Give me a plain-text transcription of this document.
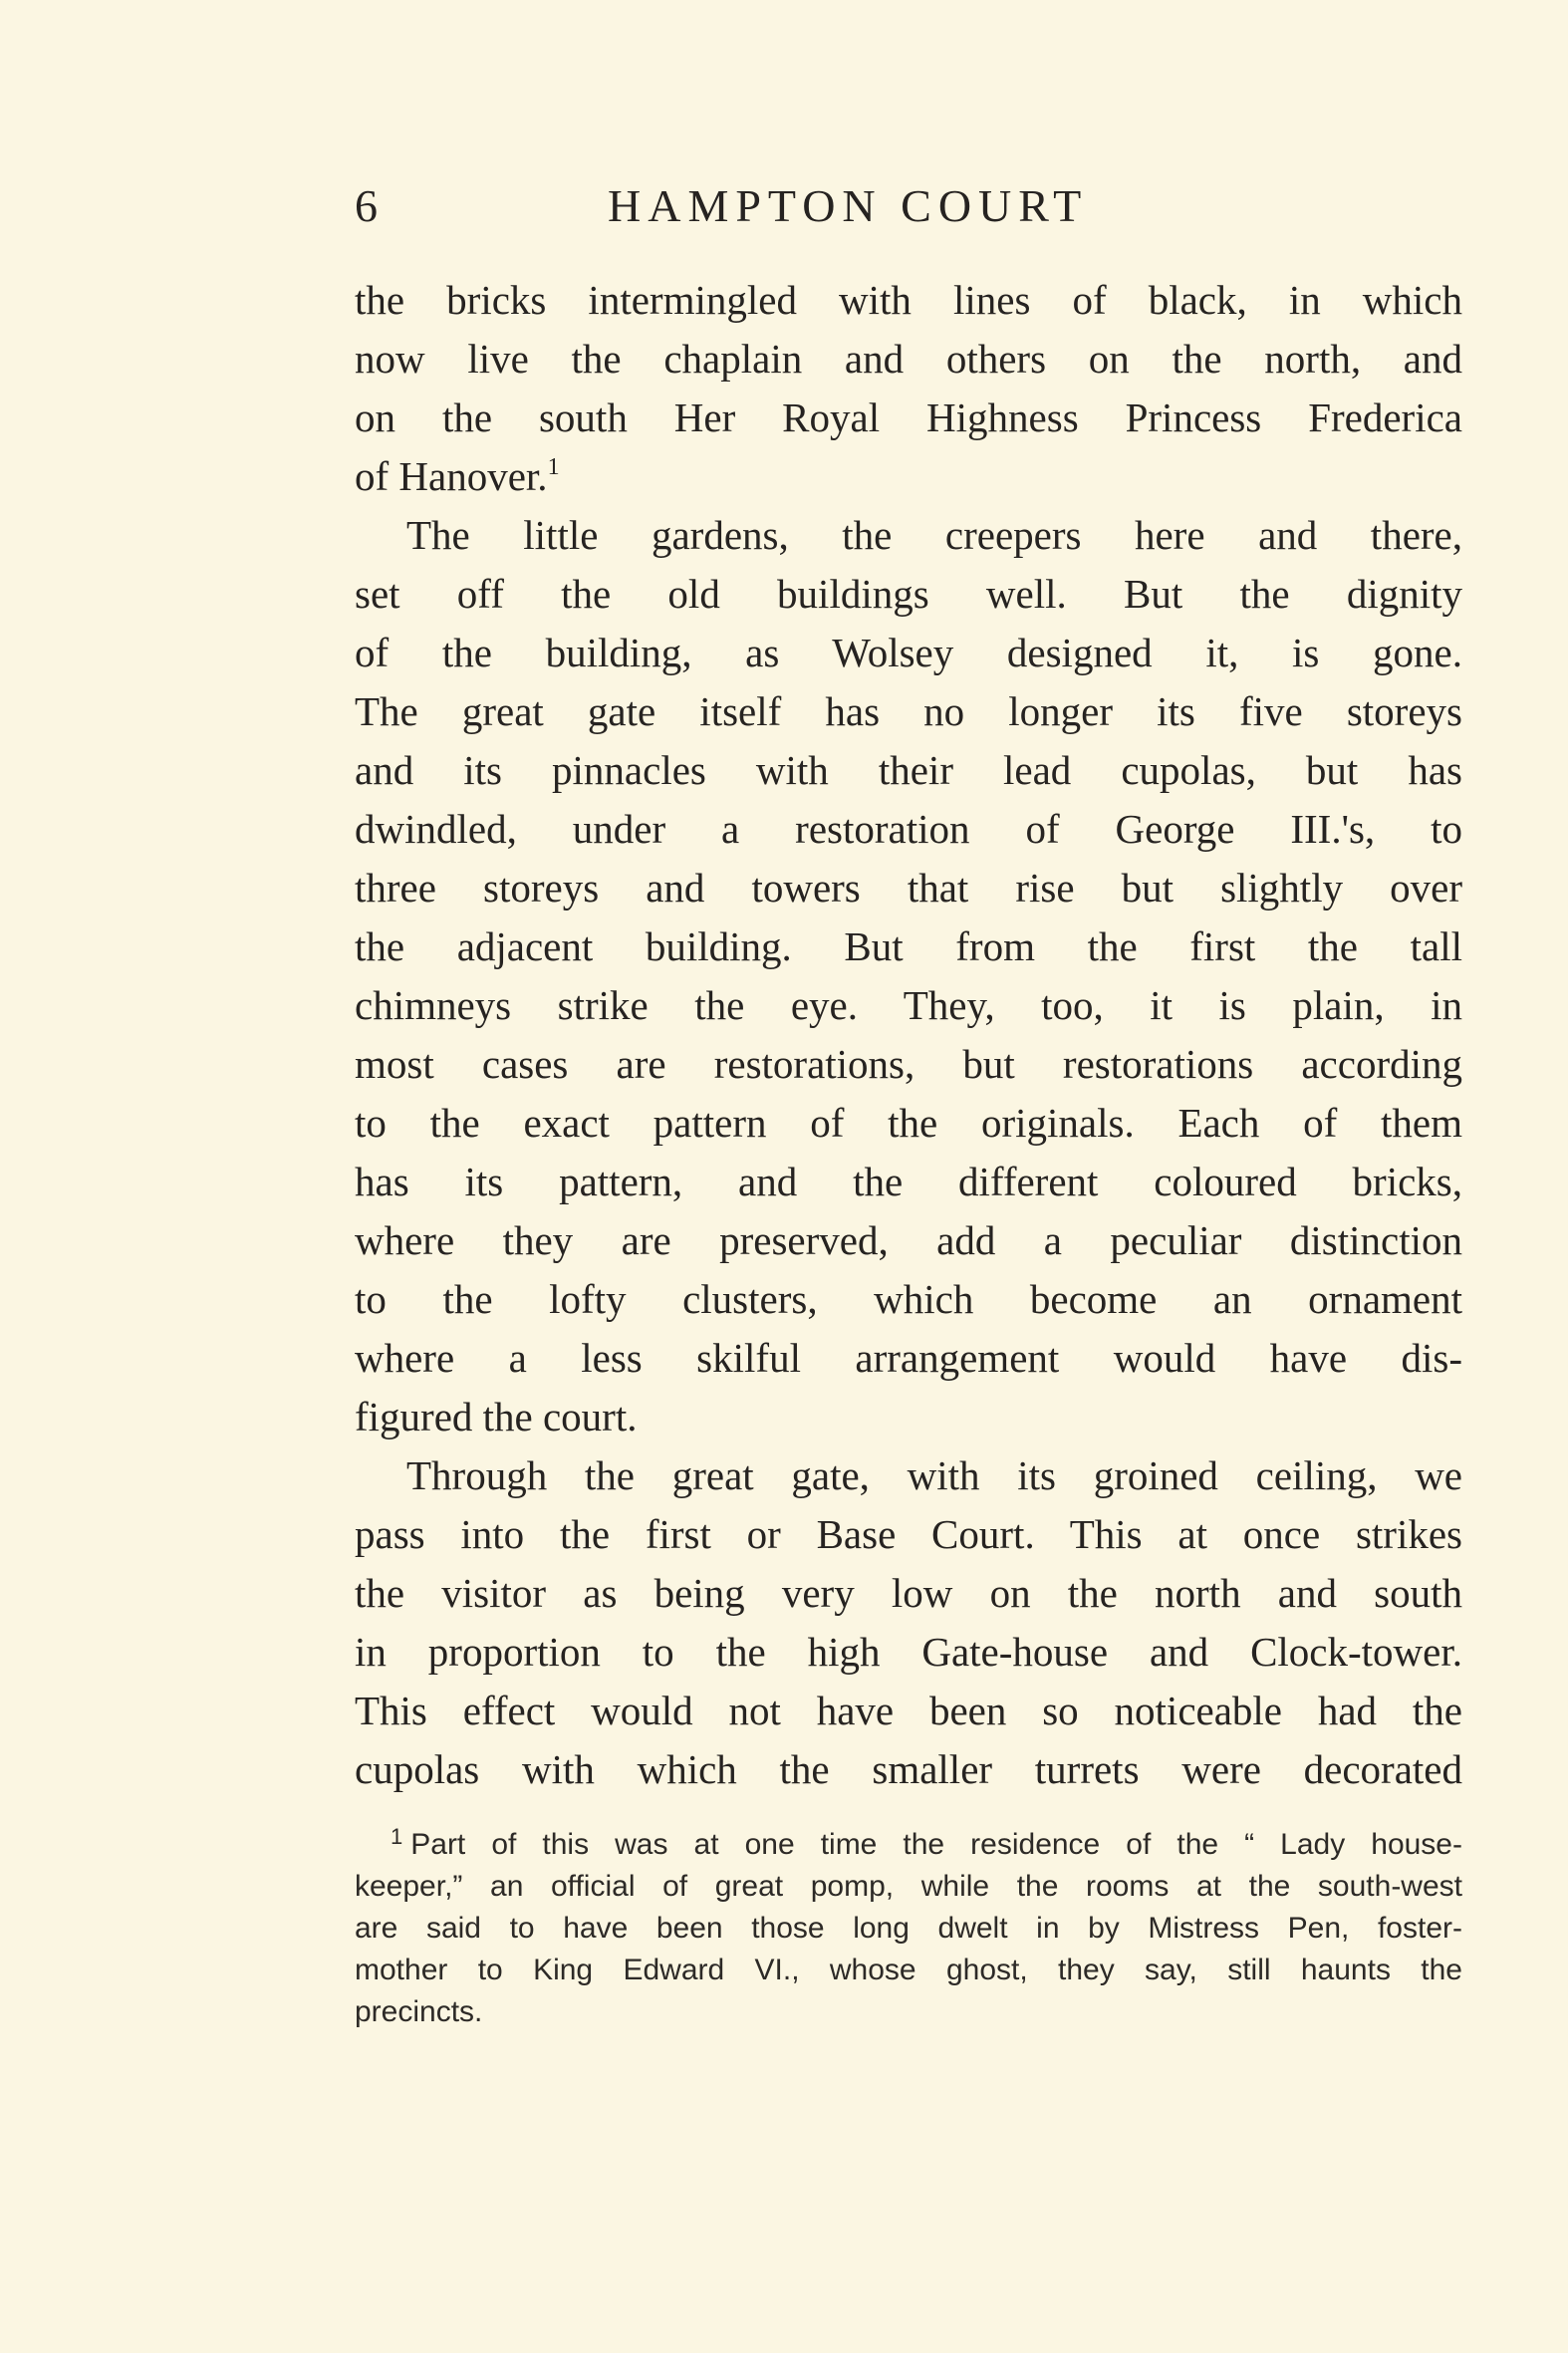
6	HAMPTON COURT
the bricks intermingled with lines of black, in which
now live the chaplain and others on the north, and
on the south Her Royal Highness Princess Frederica
of Hanover.$^1$
The little gardens, the creepers here and there,
set off the old buildings well. But the dignity
of the building, as Wolsey designed it, is gone.
The great gate itself has no longer its five storeys
and its pinnacles with their lead cupolas, but has
dwindled, under a restoration of George III.'s, to
three storeys and towers that rise but slightly over
the adjacent building. But from the first the tall
chimneys strike the eye. They, too, it is plain, in
most cases are restorations, but restorations according
to the exact pattern of the originals. Each of them
has its pattern, and the different coloured bricks,
where they are preserved, add a peculiar distinction
to the lofty clusters, which become an ornament
where a less skilful arrangement would have dis-
figured the court.
Through the great gate, with its groined ceiling, we
pass into the first or Base Court. This at once strikes
the visitor as being very low on the north and south
in proportion to the high Gate-house and Clock-tower.
This effect would not have been so noticeable had the
cupolas with which the smaller turrets were decorated
$^1$ Part of this was at one time the residence of the “ Lady house-
keeper,” an official of great pomp, while the rooms at the south-west
are said to have been those long dwelt in by Mistress Pen, foster-
mother to King Edward VI., whose ghost, they say, still haunts the
precincts.
